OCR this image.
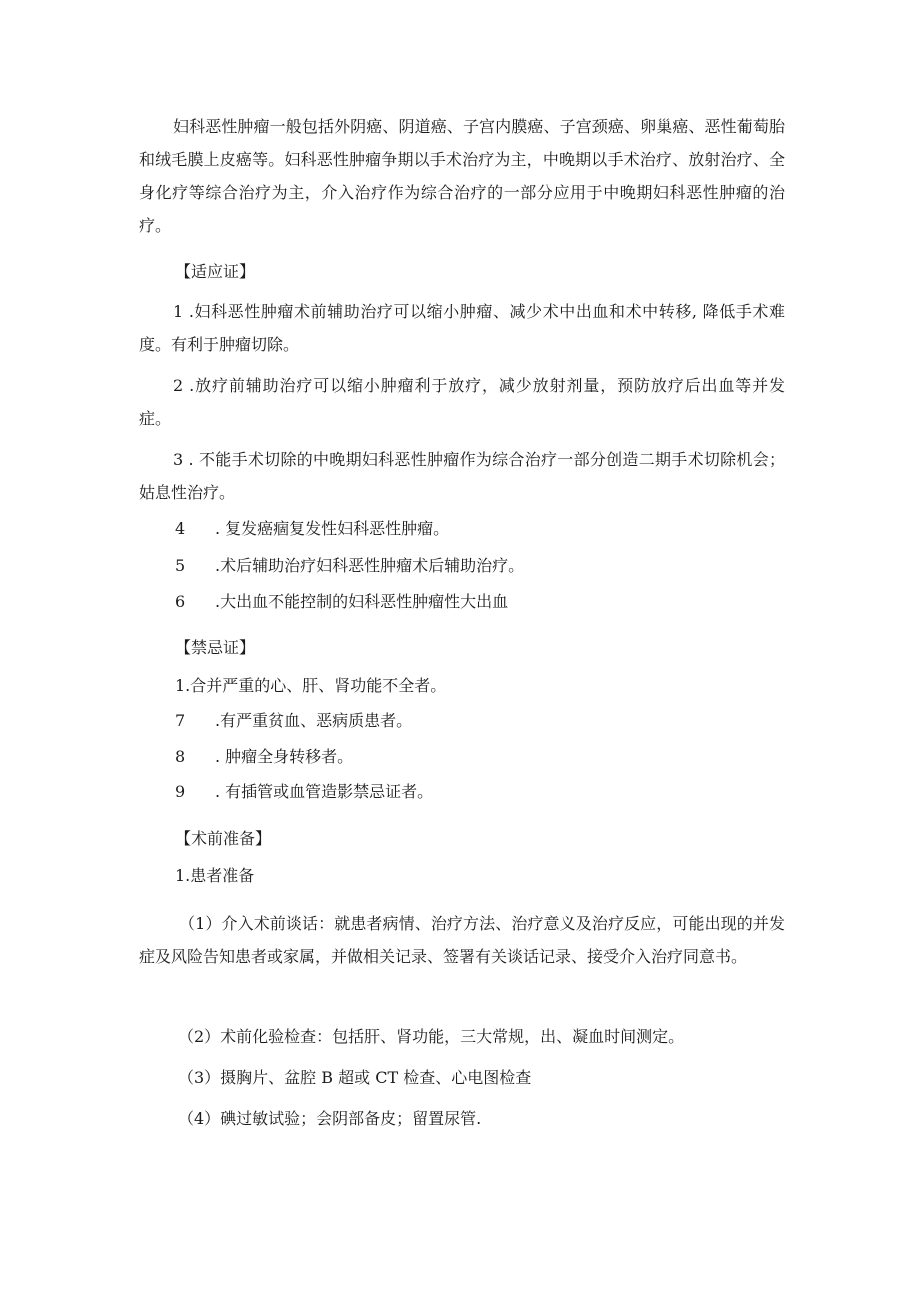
妇科恶性肿瘤一般包括外阴癌、阴道癌、子宫内膜癌、子宫颈癌、卵巢癌、恶性葡萄胎和绒毛膜上皮癌等。妇科恶性肿瘤争期以手术治疗为主，中晚期以手术治疗、放射治疗、全身化疗等综合治疗为主，介入治疗作为综合治疗的一部分应用于中晚期妇科恶性肿瘤的治疗。

【适应证】

1 .妇科恶性肿瘤术前辅助治疗可以缩小肿瘤、减少术中出血和术中转移, 降低手术难度。有利于肿瘤切除。

2 .放疗前辅助治疗可以缩小肿瘤利于放疗，减少放射剂量，预防放疗后出血等并发症。

3 . 不能手术切除的中晚期妇科恶性肿瘤作为综合治疗一部分创造二期手术切除机会；姑息性治疗。

4 . 复发癌痼复发性妇科恶性肿瘤。

5 .术后辅助治疗妇科恶性肿瘤术后辅助治疗。

6 .大出血不能控制的妇科恶性肿瘤性大出血

【禁忌证】

1.合并严重的心、肝、肾功能不全者。

7 .有严重贫血、恶病质患者。

8 . 肿瘤全身转移者。

9 . 有插管或血管造影禁忌证者。

【术前准备】

1.患者准备

（1）介入术前谈话：就患者病情、治疗方法、治疗意义及治疗反应，可能出现的并发症及风险告知患者或家属，并做相关记录、签署有关谈话记录、接受介入治疗同意书。

（2）术前化验检查：包括肝、肾功能，三大常规，出、凝血时间测定。

（3）摄胸片、盆腔 B 超或 CT 检查、心电图检查

（4）碘过敏试验；会阴部备皮；留置尿管.
